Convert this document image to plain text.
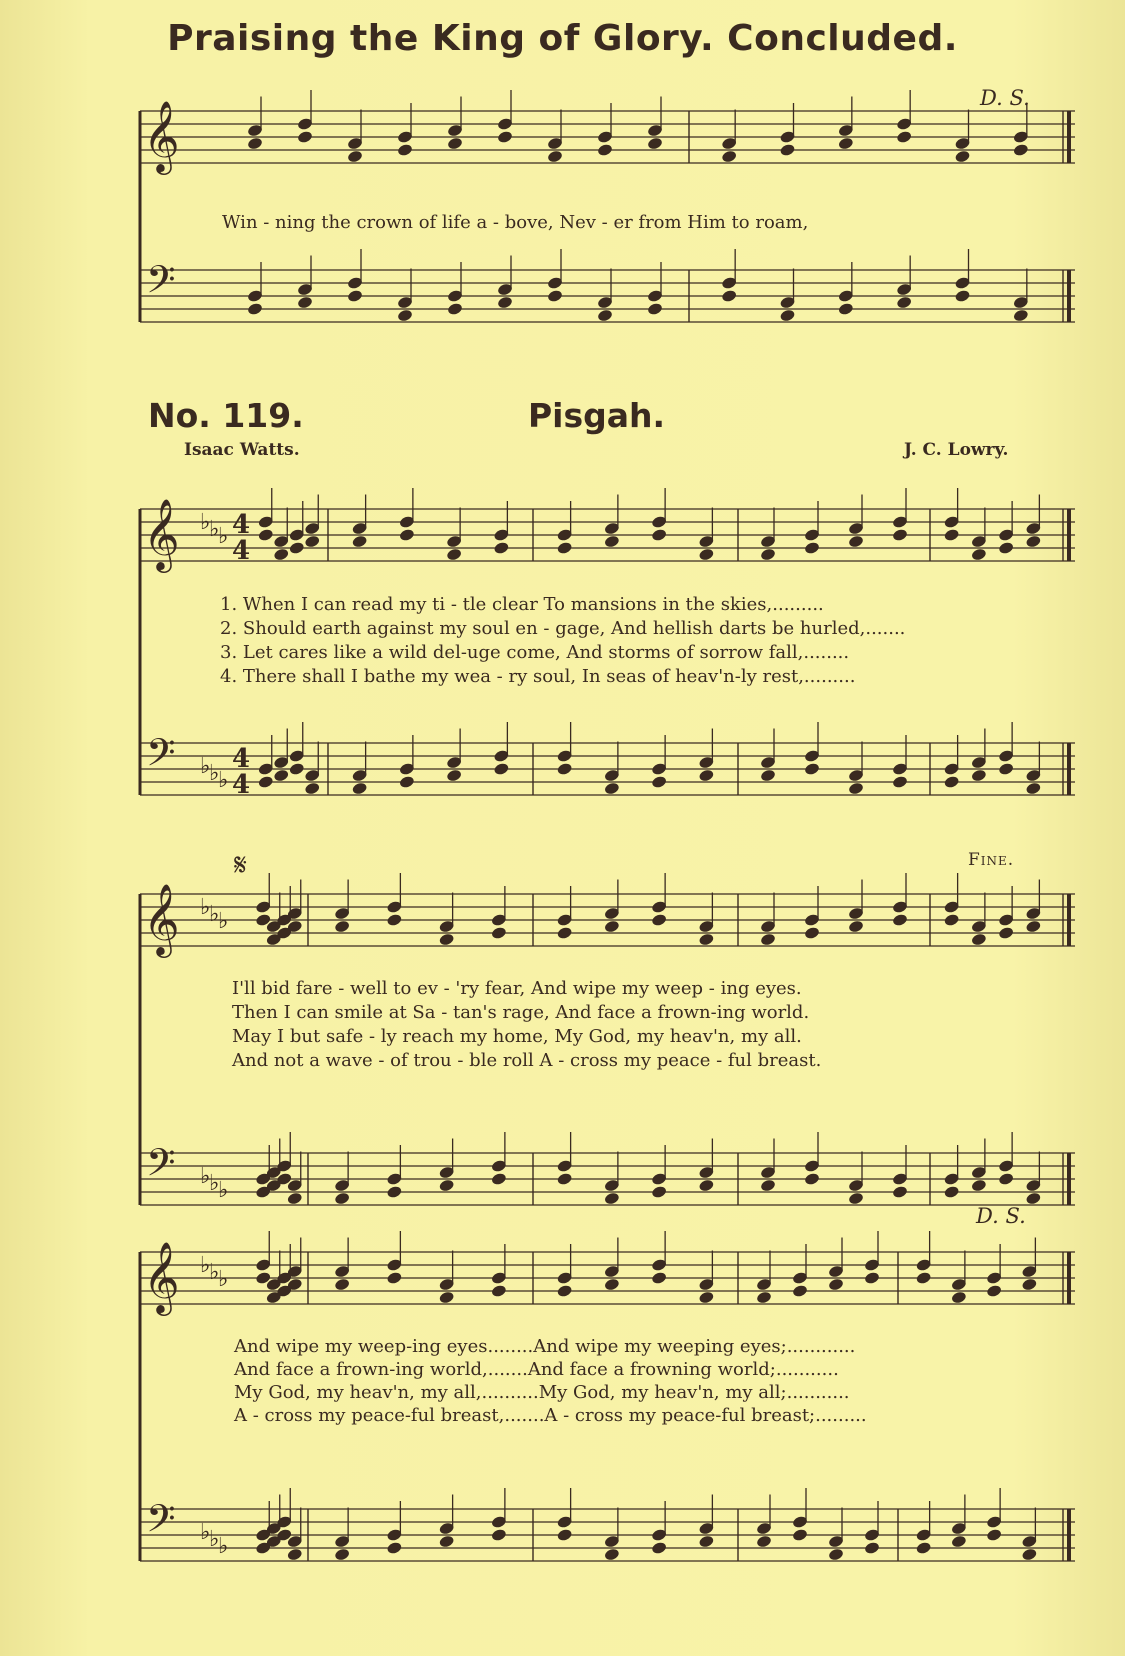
Praising the King of Glory. Concluded.
D. S.
𝄞
𝄢
𝄞
𝄢
♭
♭
♭
♭
♭
♭
𝄞
𝄢
♭
♭
♭
♭
♭
♭
𝄞
𝄢
♭
♭
♭
♭
♭
♭
4
4
4
4
Win - ning the crown of life a - bove, Nev - er from Him to roam,
No. 119.	Pisgah.
Isaac Watts.	J. C. Lowry.
1. When I can read my ti - tle clear To mansions in the skies,.........
2. Should earth against my soul en - gage, And hellish darts be hurled,.......
3. Let cares like a wild del-uge come, And storms of sorrow fall,........
4. There shall I bathe my wea - ry soul, In seas of heav'n-ly rest,.........
𝄋	Fine.
I'll bid fare - well to ev - 'ry fear, And wipe my weep - ing eyes.
Then I can smile at Sa - tan's rage, And face a frown-ing world.
May I but safe - ly reach my home, My God, my heav'n, my all.
And not a wave - of trou - ble roll A - cross my peace - ful breast.
D. S.
And wipe my weep-ing eyes........And wipe my weeping eyes;............
And face a frown-ing world,.......And face a frowning world;...........
My God, my heav'n, my all,..........My God, my heav'n, my all;...........
A - cross my peace-ful breast,.......A - cross my peace-ful breast;.........
